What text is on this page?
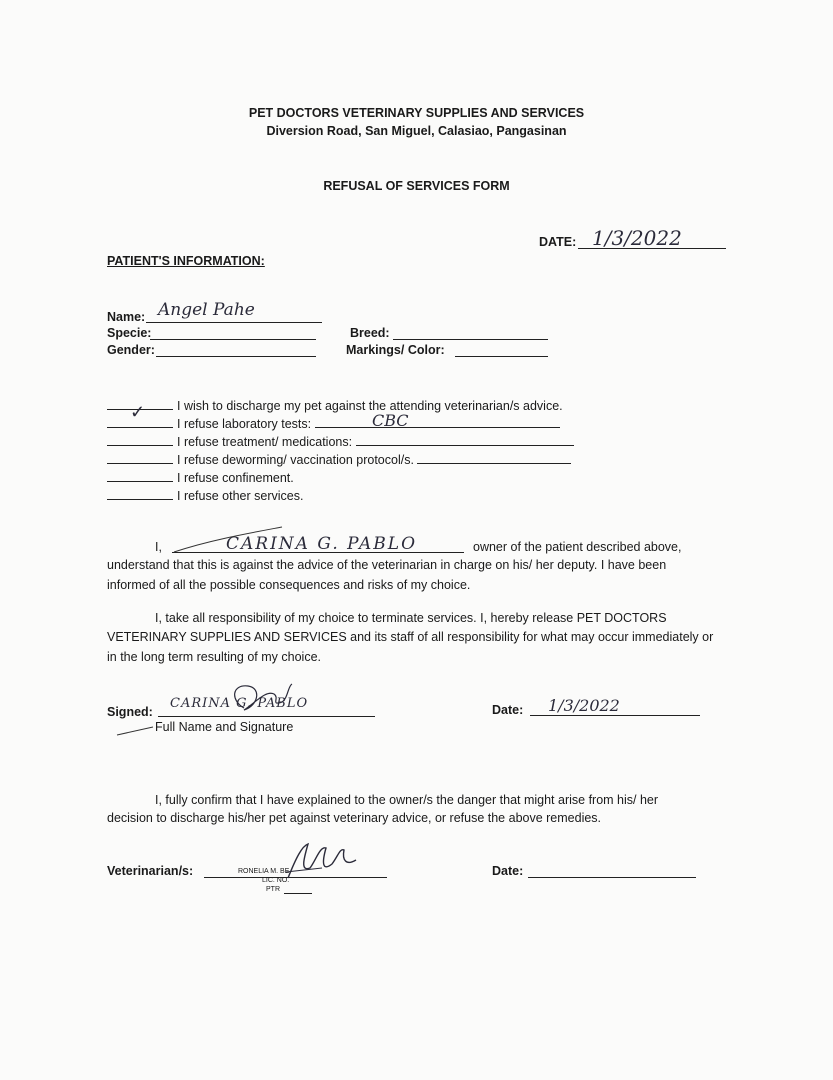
PET DOCTORS VETERINARY SUPPLIES AND SERVICES
Diversion Road, San Miguel, Calasiao, Pangasinan
REFUSAL OF SERVICES FORM
DATE: 1/3/2022
PATIENT'S INFORMATION:
Name: Angel Pahe
Specie:	Breed:
Gender:	Markings/ Color:
I wish to discharge my pet against the attending veterinarian/s advice.
✓
I refuse laboratory tests:	CBC
I refuse treatment/ medications:
I refuse deworming/ vaccination protocol/s.
I refuse confinement.
I refuse other services.
I,	CARINA G. PABLO	owner of the patient described above,
understand that this is against the advice of the veterinarian in charge on his/ her deputy. I have been
informed of all the possible consequences and risks of my choice.
I, take all responsibility of my choice to terminate services. I, hereby release PET DOCTORS
VETERINARY SUPPLIES AND SERVICES and its staff of all responsibility for what may occur immediately or
in the long term resulting of my choice.
Signed:
CARINA G. PABLO
Full Name and Signature
Date: 1/3/2022
I, fully confirm that I have explained to the owner/s the danger that might arise from his/ her
decision to discharge his/her pet against veterinary advice, or refuse the above remedies.
Veterinarian/s:	RONELIA M. BE
LIC. NO.
PTR
Date:
